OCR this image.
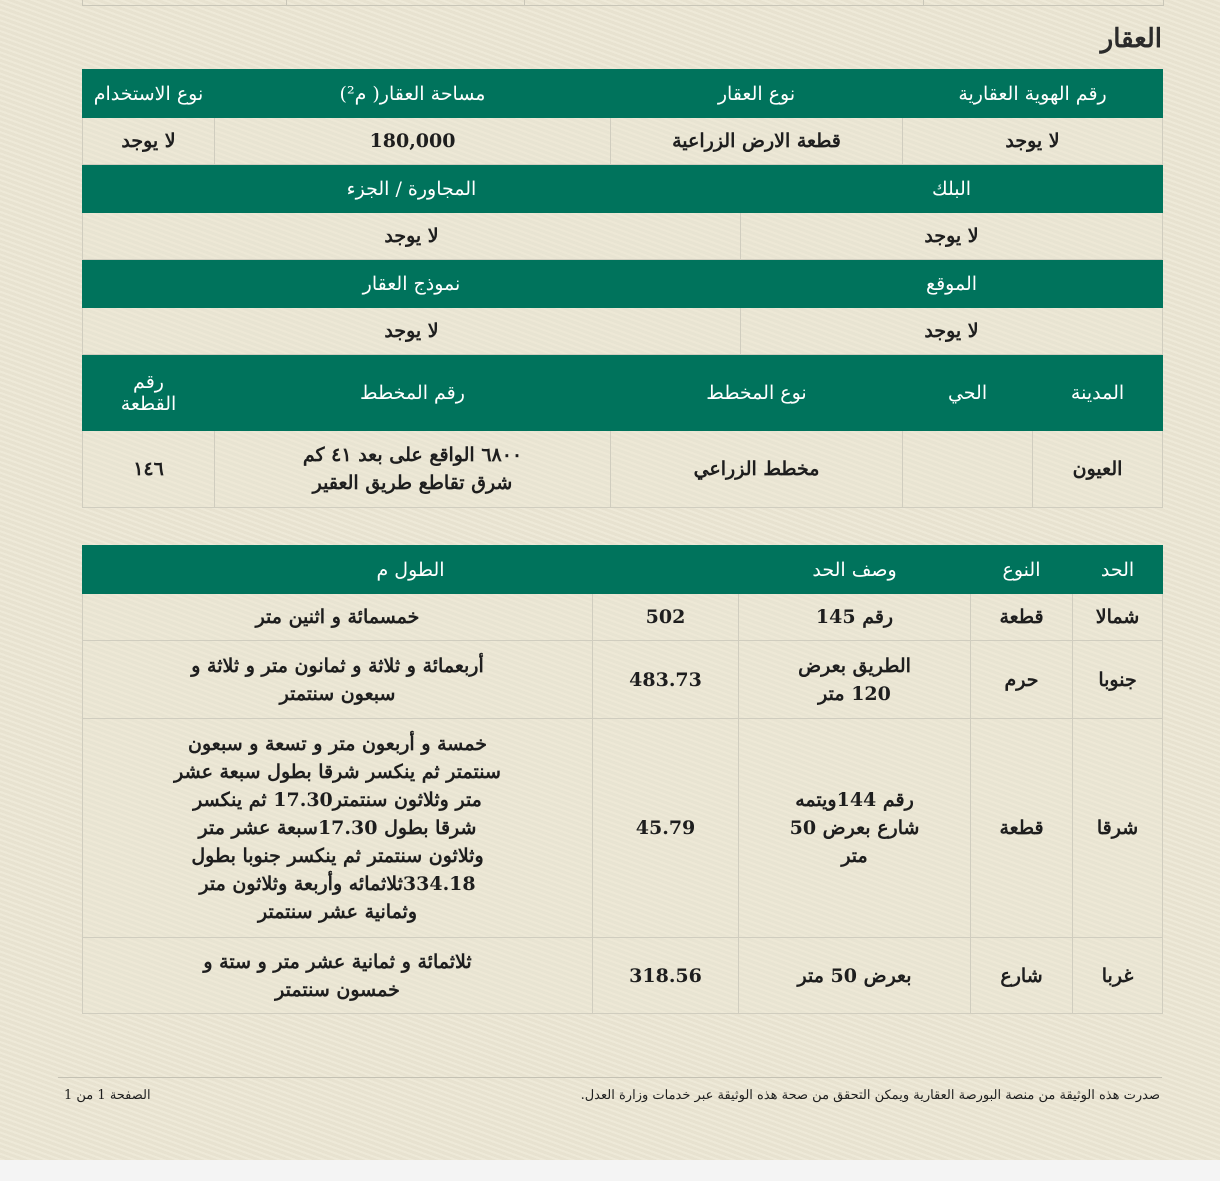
العقار
رقم الهوية العقارية		نوع العقار		مساحة العقار( م²)	نوع الاستخدام
لا يوجد		قطعة الارض الزراعية		180,000	لا يوجد
البلك			المجاورة / الجزء		
لا يوجد			لا يوجد		
الموقع			نموذج العقار		
لا يوجد			لا يوجد		
المدينة	الحي	نوع المخطط		رقم المخطط	رقم القطعة
العيون		مخطط الزراعي		٦٨٠٠ الواقع على بعد ٤١ كم شرق تقاطع طريق العقير	١٤٦
الحد	النوع	وصف الحد	الطول م	
شمالا	قطعة	رقم 145	502	خمسمائة و اثنين متر
جنوبا	حرم	الطريق بعرض 120 متر	483.73	أربعمائة و ثلاثة و ثمانون متر و ثلاثة و سبعون سنتمتر
شرقا	قطعة	رقم 144ويتمه شارع بعرض 50 متر	45.79	خمسة و أربعون متر و تسعة و سبعون سنتمتر ثم ينكسر شرقا بطول سبعة عشر متر وثلاثون سنتمتر17.30 ثم ينكسر شرقا بطول 17.30سبعة عشر متر وثلاثون سنتمتر ثم ينكسر جنوبا بطول 334.18ثلاثمائه وأربعة وثلاثون متر وثمانية عشر سنتمتر
غربا	شارع	بعرض 50 متر	318.56	ثلاثمائة و ثمانية عشر متر و ستة و خمسون سنتمتر
صدرت هذه الوثيقة من منصة البورصة العقارية ويمكن التحقق من صحة هذه الوثيقة عبر خدمات وزارة العدل.
الصفحة 1 من 1
